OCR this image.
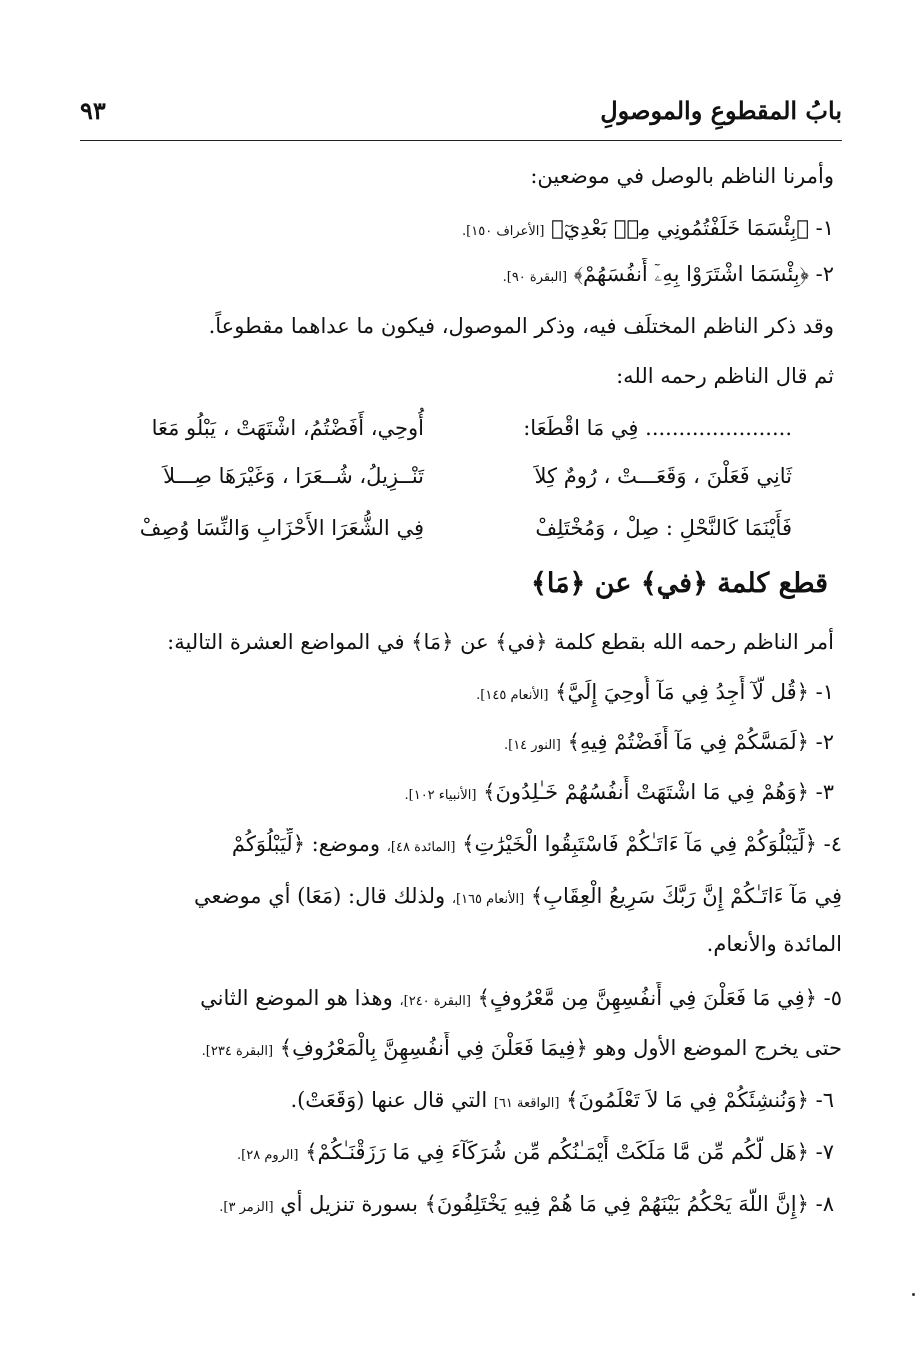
بابُ المقطوعِ والموصولِ
٩٣
وأمرنا الناظم بالوصل في موضعين:
١- ﴿بِئْسَمَا خَلَفْتُمُونِي مِنۢ بَعْدِيٓ﴾ [الأعراف ١٥٠].
٢- ﴿بِئْسَمَا اشْتَرَوْا بِهِۦٓ أَنفُسَهُمْ﴾ [البقرة ٩٠].
وقد ذكر الناظم المختلَف فيه، وذكر الموصول، فيكون ما عداهما مقطوعاً.
ثم قال الناظم رحمه الله:
...................... فِي مَا اقْطَعَا:
أُوحِي، أَفَضْتُمُ، اشْتَهَتْ ، يَبْلُو مَعَا
ثَانِي فَعَلْنَ ، وَقَعَـــتْ ، رُومٌ كِلاَ
تَنْــزِيلُ، شُــعَرَا ، وَغَيْرَهَا صِـــلاَ
فَأَيْنَمَا كَالنَّحْلِ : صِلْ ، وَمُخْتَلِفْ
فِي الشُّعَرَا الأَحْزَابِ وَالنِّسَا وُصِفْ
قطع كلمة ﴿في﴾ عن ﴿مَا﴾
أمر الناظم رحمه الله بقطع كلمة ﴿في﴾ عن ﴿مَا﴾ في المواضع العشرة التالية:
١- ﴿قُل لَّآ أَجِدُ فِي مَآ أُوحِيَ إِلَيَّ﴾ [الأنعام ١٤٥].
٢- ﴿لَمَسَّكُمْ فِي مَآ أَفَضْتُمْ فِيهِ﴾ [النور ١٤].
٣- ﴿وَهُمْ فِي مَا اشْتَهَتْ أَنفُسُهُمْ خَـٰلِدُونَ﴾ [الأنبياء ١٠٢].
٤- ﴿لِّيَبْلُوَكُمْ فِي مَآ ءَاتَـٰكُمْ فَاسْتَبِقُوا الْخَيْرَٰتِ﴾ [المائدة ٤٨]، وموضع: ﴿لِّيَبْلُوَكُمْ
فِي مَآ ءَاتَـٰكُمْ إِنَّ رَبَّكَ سَرِيعُ الْعِقَابِ﴾ [الأنعام ١٦٥]، ولذلك قال: (مَعَا) أي موضعي
المائدة والأنعام.
٥- ﴿فِي مَا فَعَلْنَ فِي أَنفُسِهِنَّ مِن مَّعْرُوفٍ﴾ [البقرة ٢٤٠]، وهذا هو الموضع الثاني
حتى يخرج الموضع الأول وهو ﴿فِيمَا فَعَلْنَ فِي أَنفُسِهِنَّ بِالْمَعْرُوفِ﴾ [البقرة ٢٣٤].
٦- ﴿وَنُنشِئَكُمْ فِي مَا لاَ تَعْلَمُونَ﴾ [الواقعة ٦١] التي قال عنها (وَقَعَتْ).
٧- ﴿هَل لَّكُم مِّن مَّا مَلَكَتْ أَيْمَـٰنُكُم مِّن شُرَكَآءَ فِي مَا رَزَقْنَـٰكُمْ﴾ [الروم ٢٨].
٨- ﴿إِنَّ اللَّهَ يَحْكُمُ بَيْنَهُمْ فِي مَا هُمْ فِيهِ يَخْتَلِفُونَ﴾ بسورة تنزيل أي [الزمر ٣].
